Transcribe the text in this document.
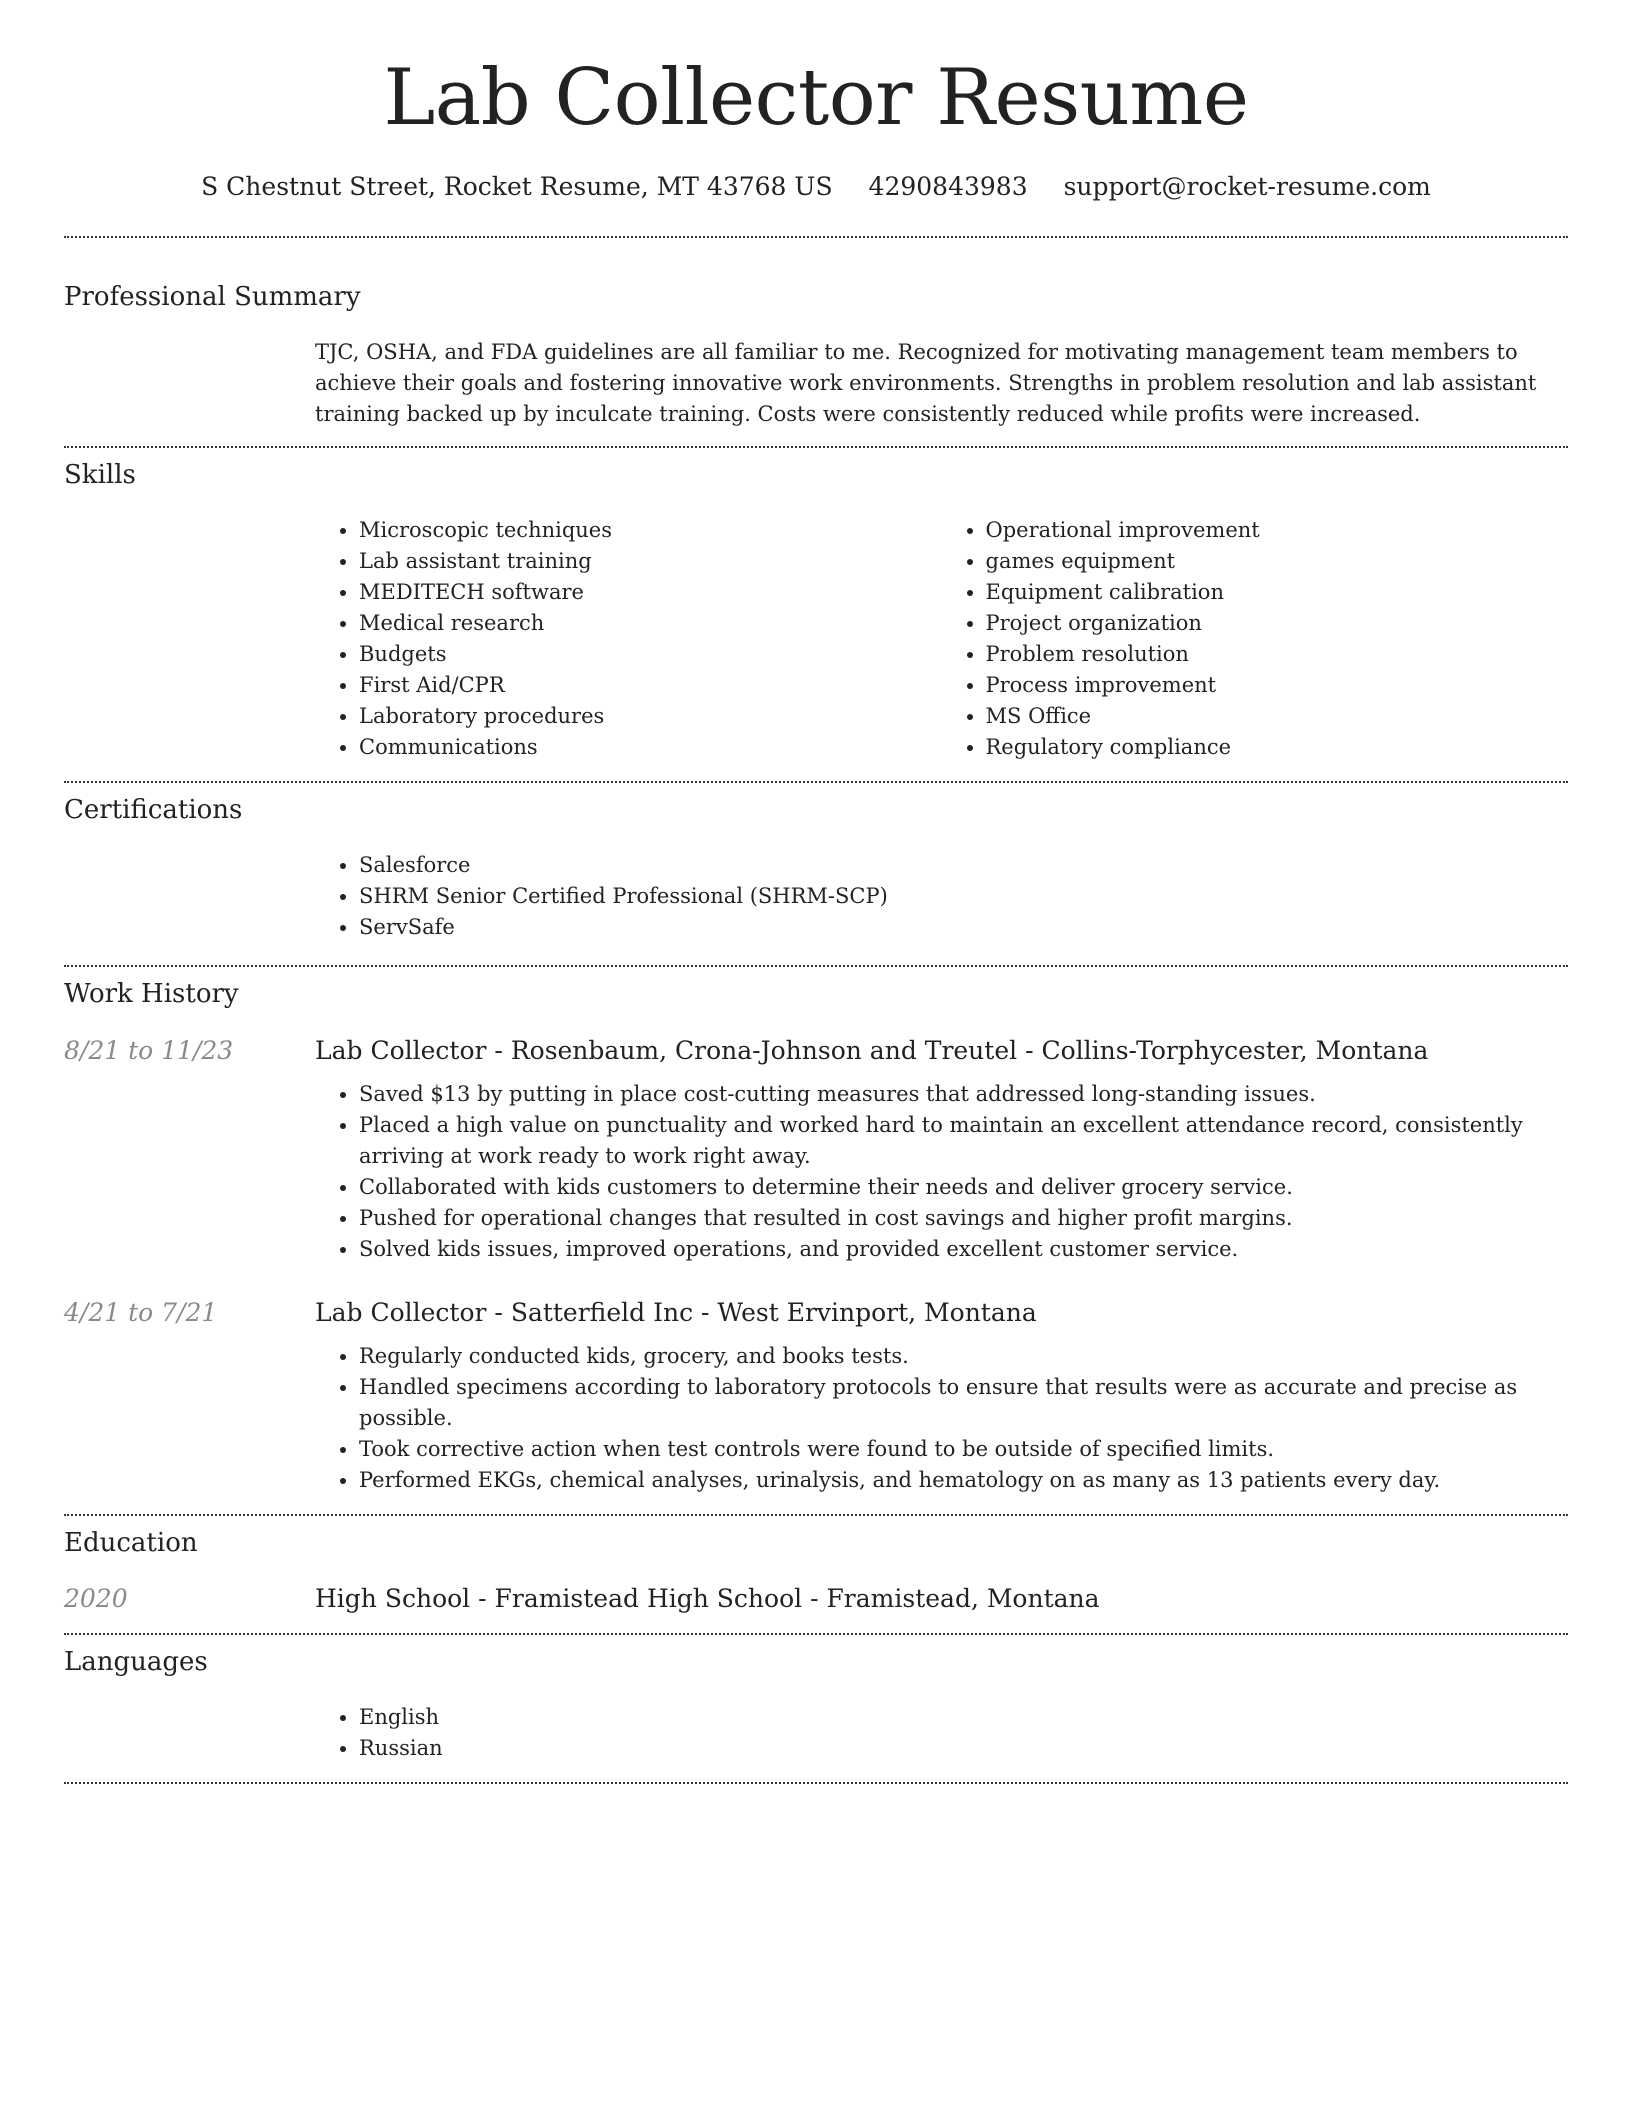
Lab Collector Resume
S Chestnut Street, Rocket Resume, MT 43768 US 4290843983 support@rocket-resume.com
Professional Summary

TJC, OSHA, and FDA guidelines are all familiar to me. Recognized for motivating management team members to achieve their goals and fostering innovative work environments. Strengths in problem resolution and lab assistant training backed up by inculcate training. Costs were consistently reduced while profits were increased.

Skills
• Microscopic techniques
• Lab assistant training
• MEDITECH software
• Medical research
• Budgets
• First Aid/CPR
• Laboratory procedures
• Communications
• Operational improvement
• games equipment
• Equipment calibration
• Project organization
• Problem resolution
• Process improvement
• MS Office
• Regulatory compliance
Certifications
• Salesforce
• SHRM Senior Certified Professional (SHRM-SCP)
• ServSafe
Work History
8/21 to 11/23	Lab Collector - Rosenbaum, Crona-Johnson and Treutel - Collins-Torphycester, Montana
• Saved $13 by putting in place cost-cutting measures that addressed long-standing issues.
• Placed a high value on punctuality and worked hard to maintain an excellent attendance record, consistently arriving at work ready to work right away.
• Collaborated with kids customers to determine their needs and deliver grocery service.
• Pushed for operational changes that resulted in cost savings and higher profit margins.
• Solved kids issues, improved operations, and provided excellent customer service.
4/21 to 7/21	Lab Collector - Satterfield Inc - West Ervinport, Montana
• Regularly conducted kids, grocery, and books tests.
• Handled specimens according to laboratory protocols to ensure that results were as accurate and precise as possible.
• Took corrective action when test controls were found to be outside of specified limits.
• Performed EKGs, chemical analyses, urinalysis, and hematology on as many as 13 patients every day.
Education
2020	High School - Framistead High School - Framistead, Montana
Languages
• English
• Russian
